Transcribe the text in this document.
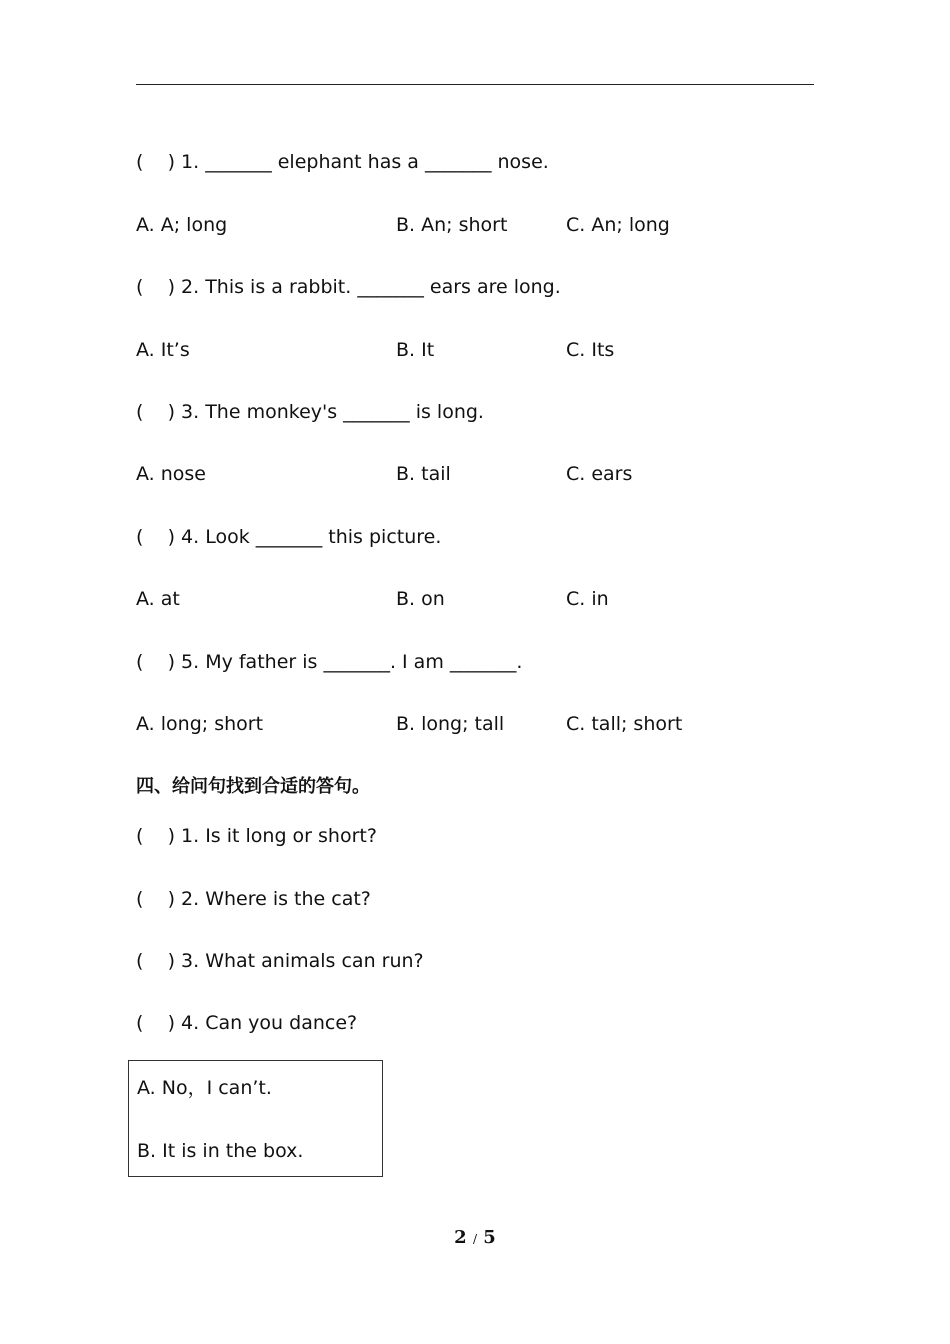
(    ) 1. _______ elephant has a _______ nose.
A. A; long	B. An; short	C. An; long
(    ) 2. This is a rabbit. _______ ears are long.
A. It’s	B. It	C. Its
(    ) 3. The monkey's _______ is long.
A. nose	B. tail	C. ears
(    ) 4. Look _______ this picture.
A. at	B. on	C. in
(    ) 5. My father is _______. I am _______.
A. long; short	B. long; tall	C. tall; short
四、给问句找到合适的答句。
(    ) 1. Is it long or short?
(    ) 2. Where is the cat?
(    ) 3. What animals can run?
(    ) 4. Can you dance?
A. No，I can’t.
B. It is in the box.
2 / 5
